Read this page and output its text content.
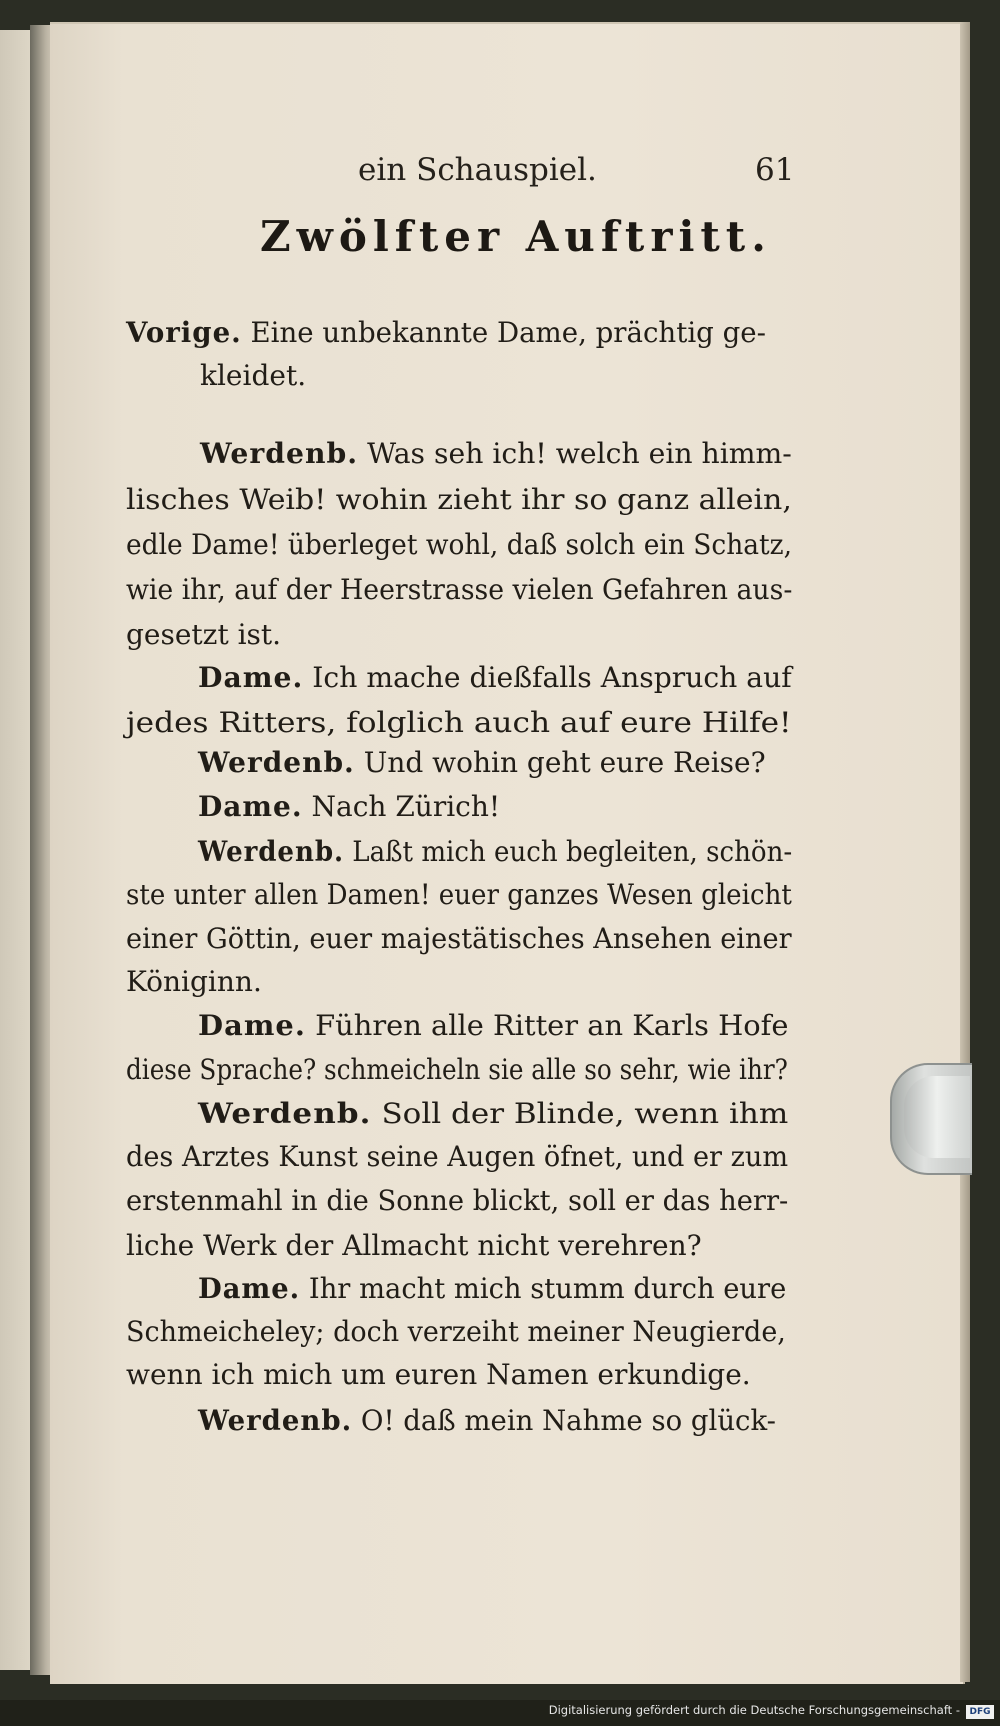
ein Schauspiel.	61
Zwölfter Auftritt.
Vorige. Eine unbekannte Dame, prächtig ge-
kleidet.
Werdenb. Was seh ich! welch ein himm-
lisches Weib! wohin zieht ihr so ganz allein,
edle Dame! überleget wohl, daß solch ein Schatz,
wie ihr, auf der Heerstrasse vielen Gefahren aus-
gesetzt ist.
Dame. Ich mache dießfalls Anspruch auf
jedes Ritters, folglich auch auf eure Hilfe!
Werdenb. Und wohin geht eure Reise?
Dame. Nach Zürich!
Werdenb. Laßt mich euch begleiten, schön-
ste unter allen Damen! euer ganzes Wesen gleicht
einer Göttin, euer majestätisches Ansehen einer
Königinn.
Dame. Führen alle Ritter an Karls Hofe
diese Sprache? schmeicheln sie alle so sehr, wie ihr?
Werdenb. Soll der Blinde, wenn ihm
des Arztes Kunst seine Augen öfnet, und er zum
erstenmahl in die Sonne blickt, soll er das herr-
liche Werk der Allmacht nicht verehren?
Dame. Ihr macht mich stumm durch eure
Schmeicheley; doch verzeiht meiner Neugierde,
wenn ich mich um euren Namen erkundige.
Werdenb. O! daß mein Nahme so glück-
Digitalisierung gefördert durch die Deutsche Forschungsgemeinschaft -	DFG
